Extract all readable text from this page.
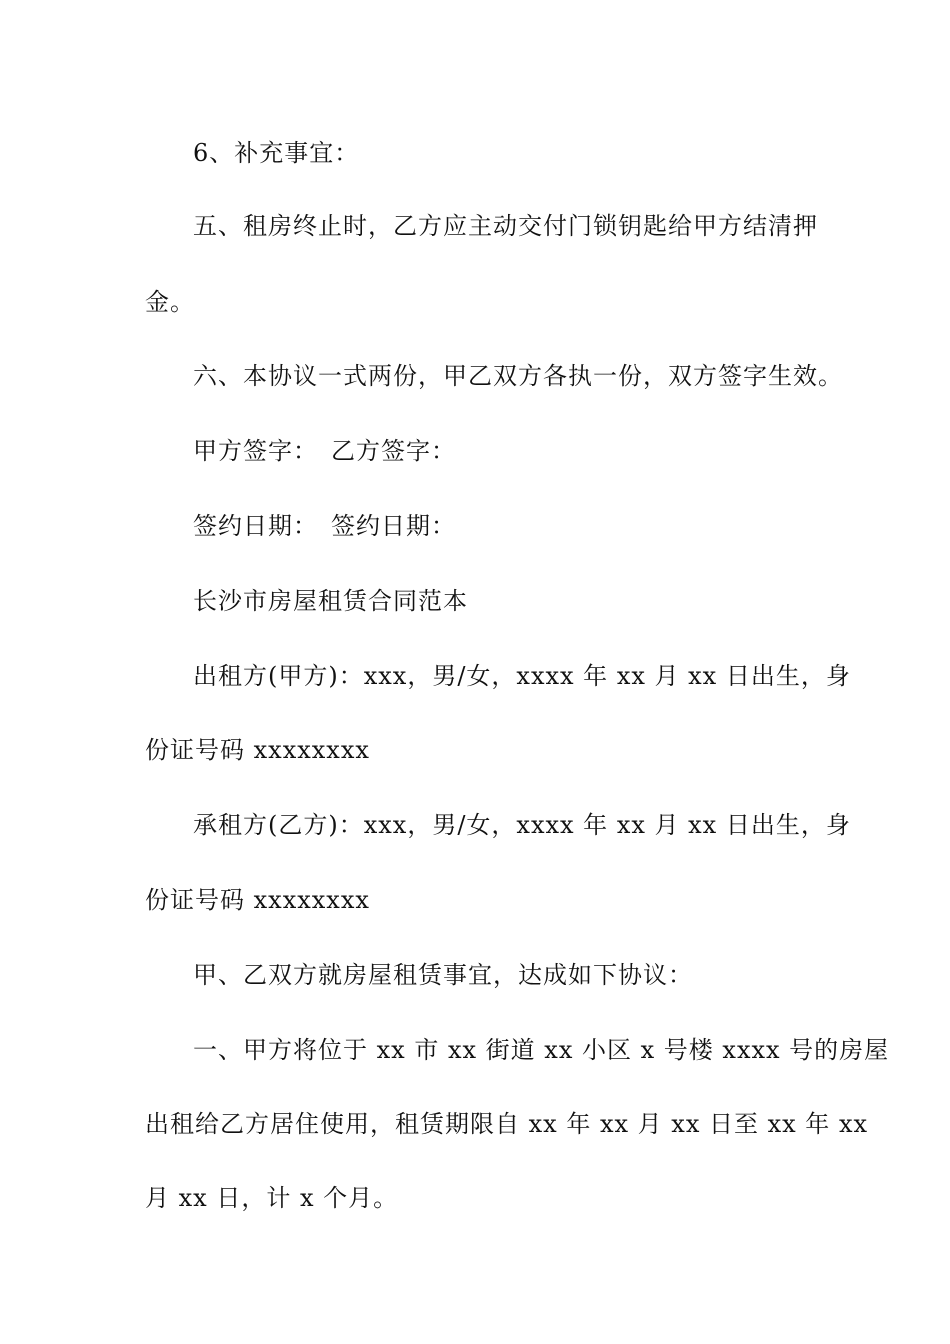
6、补充事宜：
五、租房终止时，乙方应主动交付门锁钥匙给甲方结清押
金。
六、本协议一式两份，甲乙双方各执一份，双方签字生效。
甲方签字：　乙方签字：
签约日期：　签约日期：
长沙市房屋租赁合同范本
出租方(甲方)：xxx，男/女，xxxx 年 xx 月 xx 日出生，身
份证号码 xxxxxxxx
承租方(乙方)：xxx，男/女，xxxx 年 xx 月 xx 日出生，身
份证号码 xxxxxxxx
甲、乙双方就房屋租赁事宜，达成如下协议：
一、甲方将位于 xx 市 xx 街道 xx 小区 x 号楼 xxxx 号的房屋
出租给乙方居住使用，租赁期限自 xx 年 xx 月 xx 日至 xx 年 xx
月 xx 日，计 x 个月。
